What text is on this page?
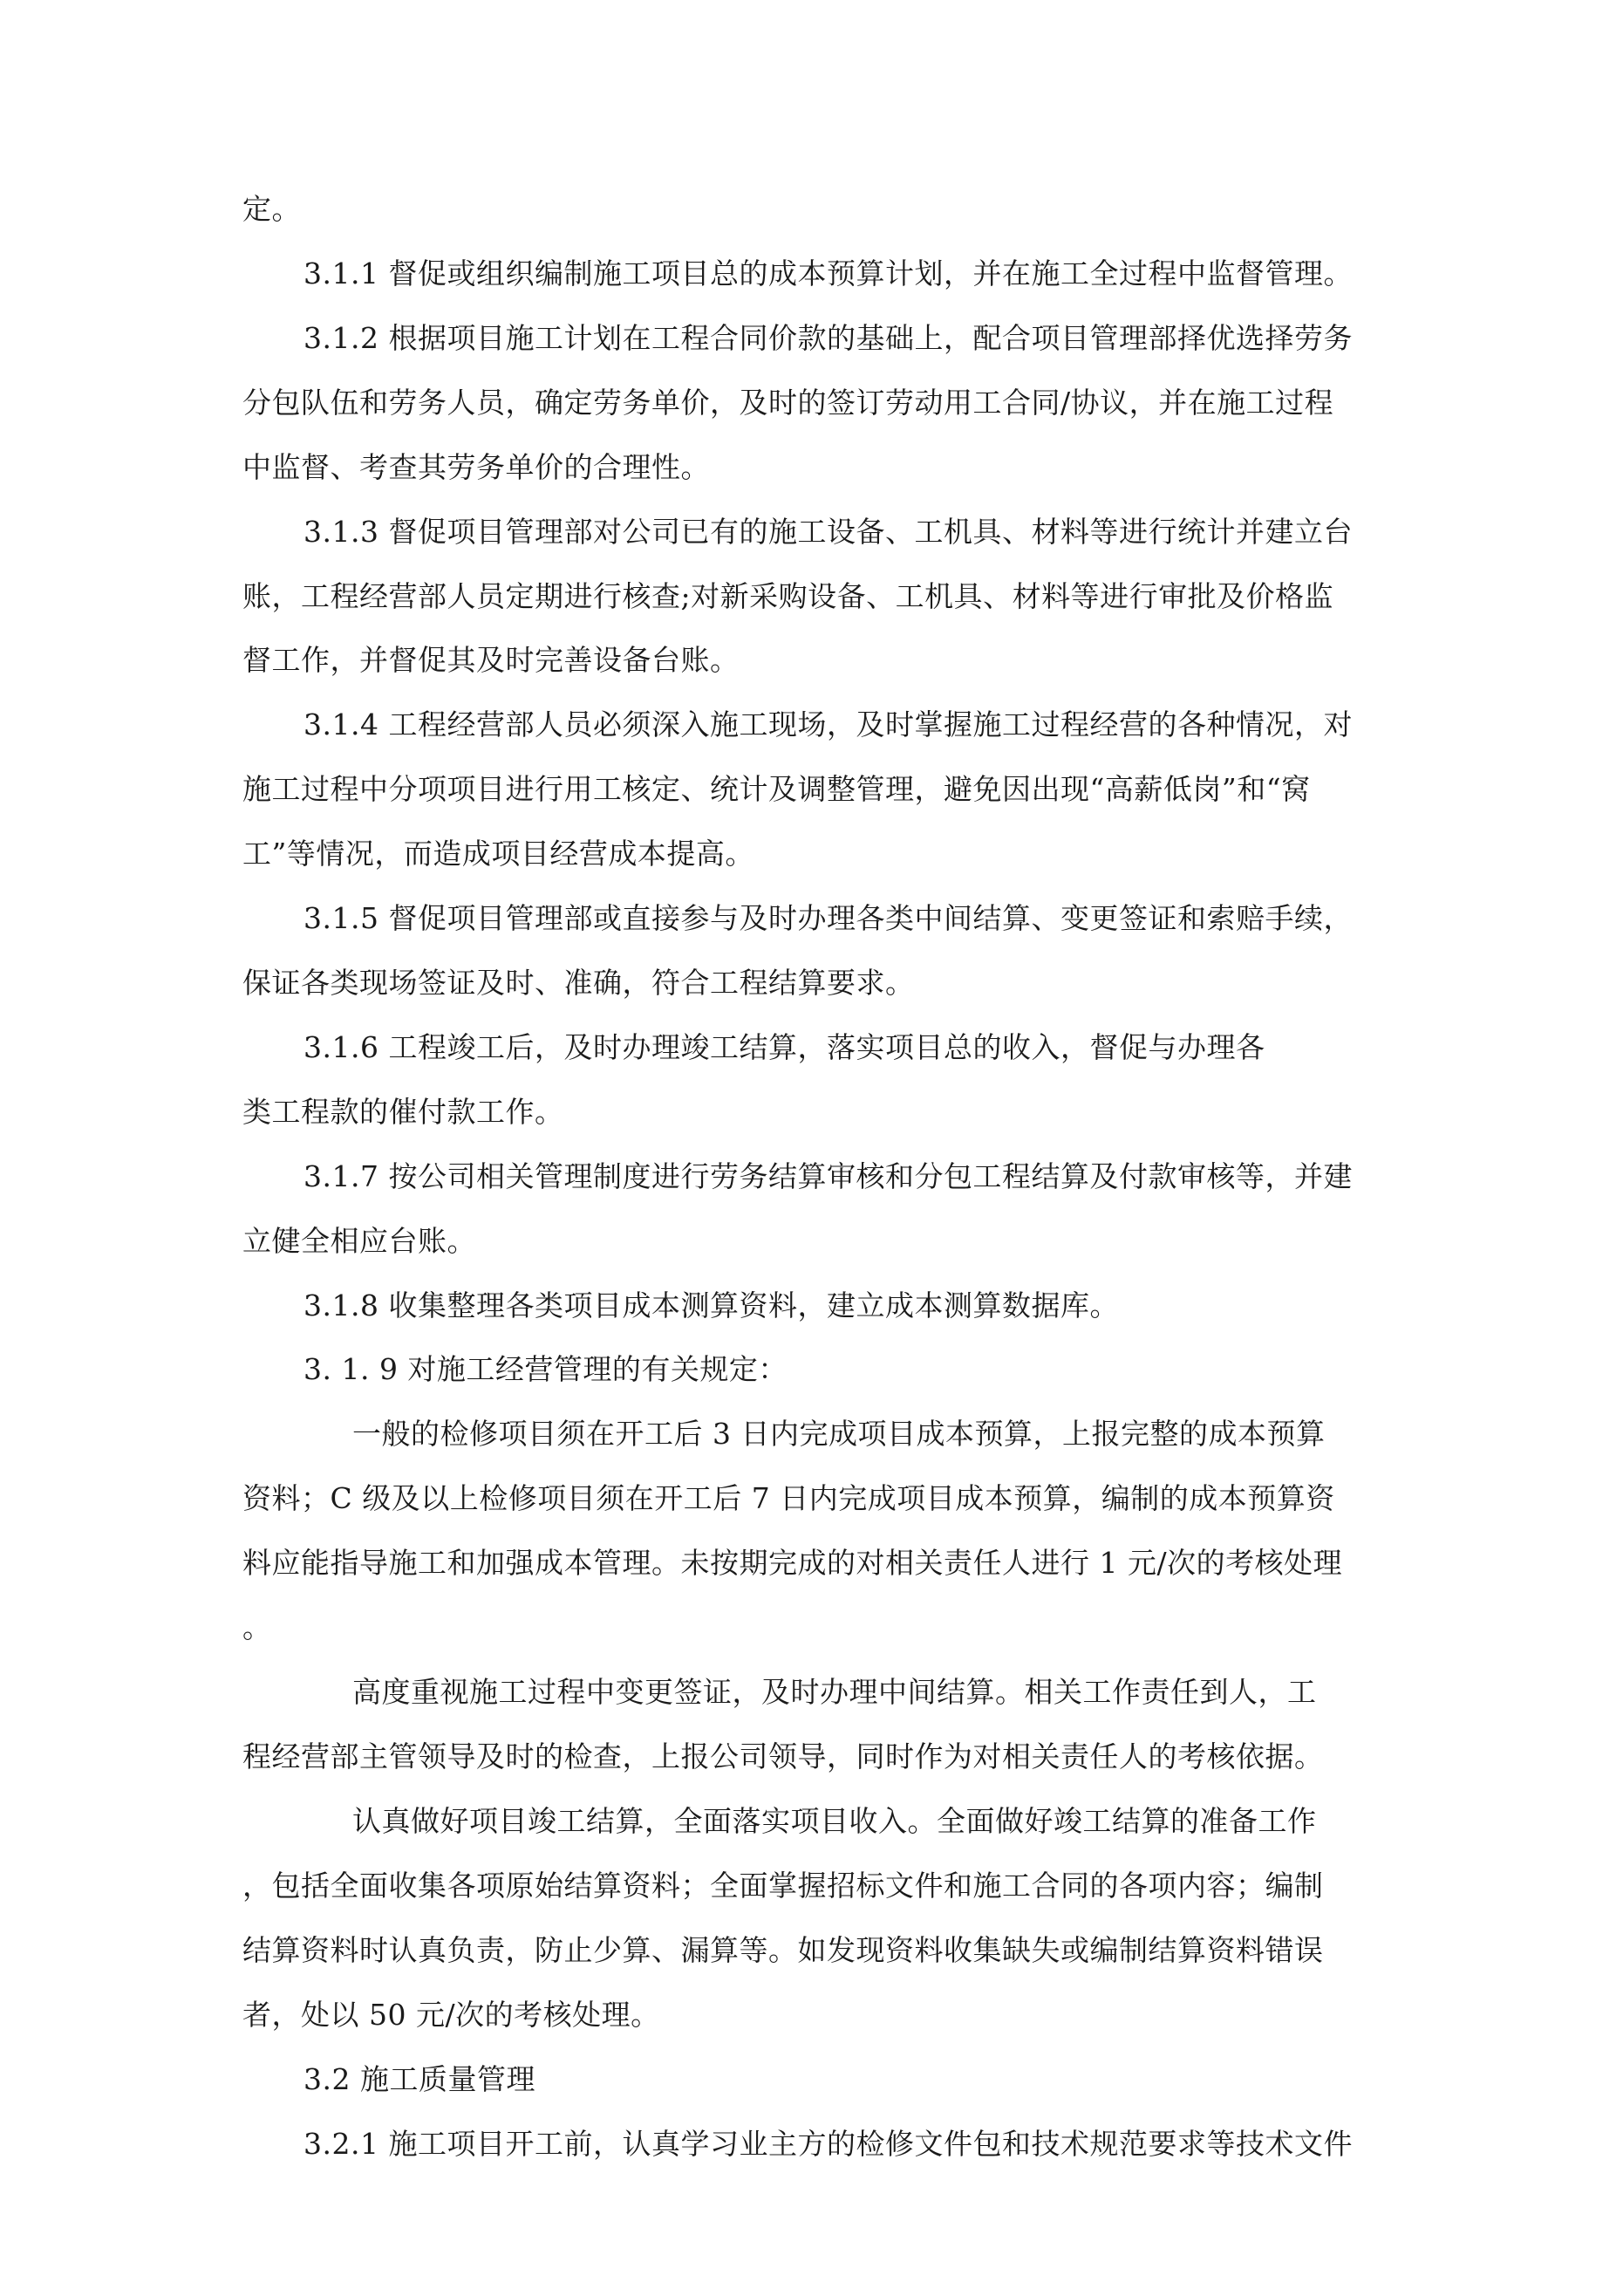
定。
3.1.1 督促或组织编制施工项目总的成本预算计划，并在施工全过程中监督管理。
3.1.2 根据项目施工计划在工程合同价款的基础上，配合项目管理部择优选择劳务
分包队伍和劳务人员，确定劳务单价，及时的签订劳动用工合同/协议，并在施工过程
中监督、考查其劳务单价的合理性。
3.1.3 督促项目管理部对公司已有的施工设备、工机具、材料等进行统计并建立台
账，工程经营部人员定期进行核查;对新采购设备、工机具、材料等进行审批及价格监
督工作，并督促其及时完善设备台账。
3.1.4 工程经营部人员必须深入施工现场，及时掌握施工过程经营的各种情况，对
施工过程中分项项目进行用工核定、统计及调整管理，避免因出现“高薪低岗”和“窝
工”等情况，而造成项目经营成本提高。
3.1.5 督促项目管理部或直接参与及时办理各类中间结算、变更签证和索赔手续，
保证各类现场签证及时、准确，符合工程结算要求。
3.1.6 工程竣工后，及时办理竣工结算，落实项目总的收入，督促与办理各
类工程款的催付款工作。
3.1.7 按公司相关管理制度进行劳务结算审核和分包工程结算及付款审核等，并建
立健全相应台账。
3.1.8 收集整理各类项目成本测算资料，建立成本测算数据库。
3. 1. 9 对施工经营管理的有关规定：
一般的检修项目须在开工后 3 日内完成项目成本预算，上报完整的成本预算
资料；C 级及以上检修项目须在开工后 7 日内完成项目成本预算，编制的成本预算资
料应能指导施工和加强成本管理。未按期完成的对相关责任人进行 1 元/次的考核处理
。
高度重视施工过程中变更签证，及时办理中间结算。相关工作责任到人，工
程经营部主管领导及时的检查，上报公司领导，同时作为对相关责任人的考核依据。
认真做好项目竣工结算，全面落实项目收入。全面做好竣工结算的准备工作
，包括全面收集各项原始结算资料；全面掌握招标文件和施工合同的各项内容；编制
结算资料时认真负责，防止少算、漏算等。如发现资料收集缺失或编制结算资料错误
者，处以 50 元/次的考核处理。
3.2 施工质量管理
3.2.1 施工项目开工前，认真学习业主方的检修文件包和技术规范要求等技术文件
